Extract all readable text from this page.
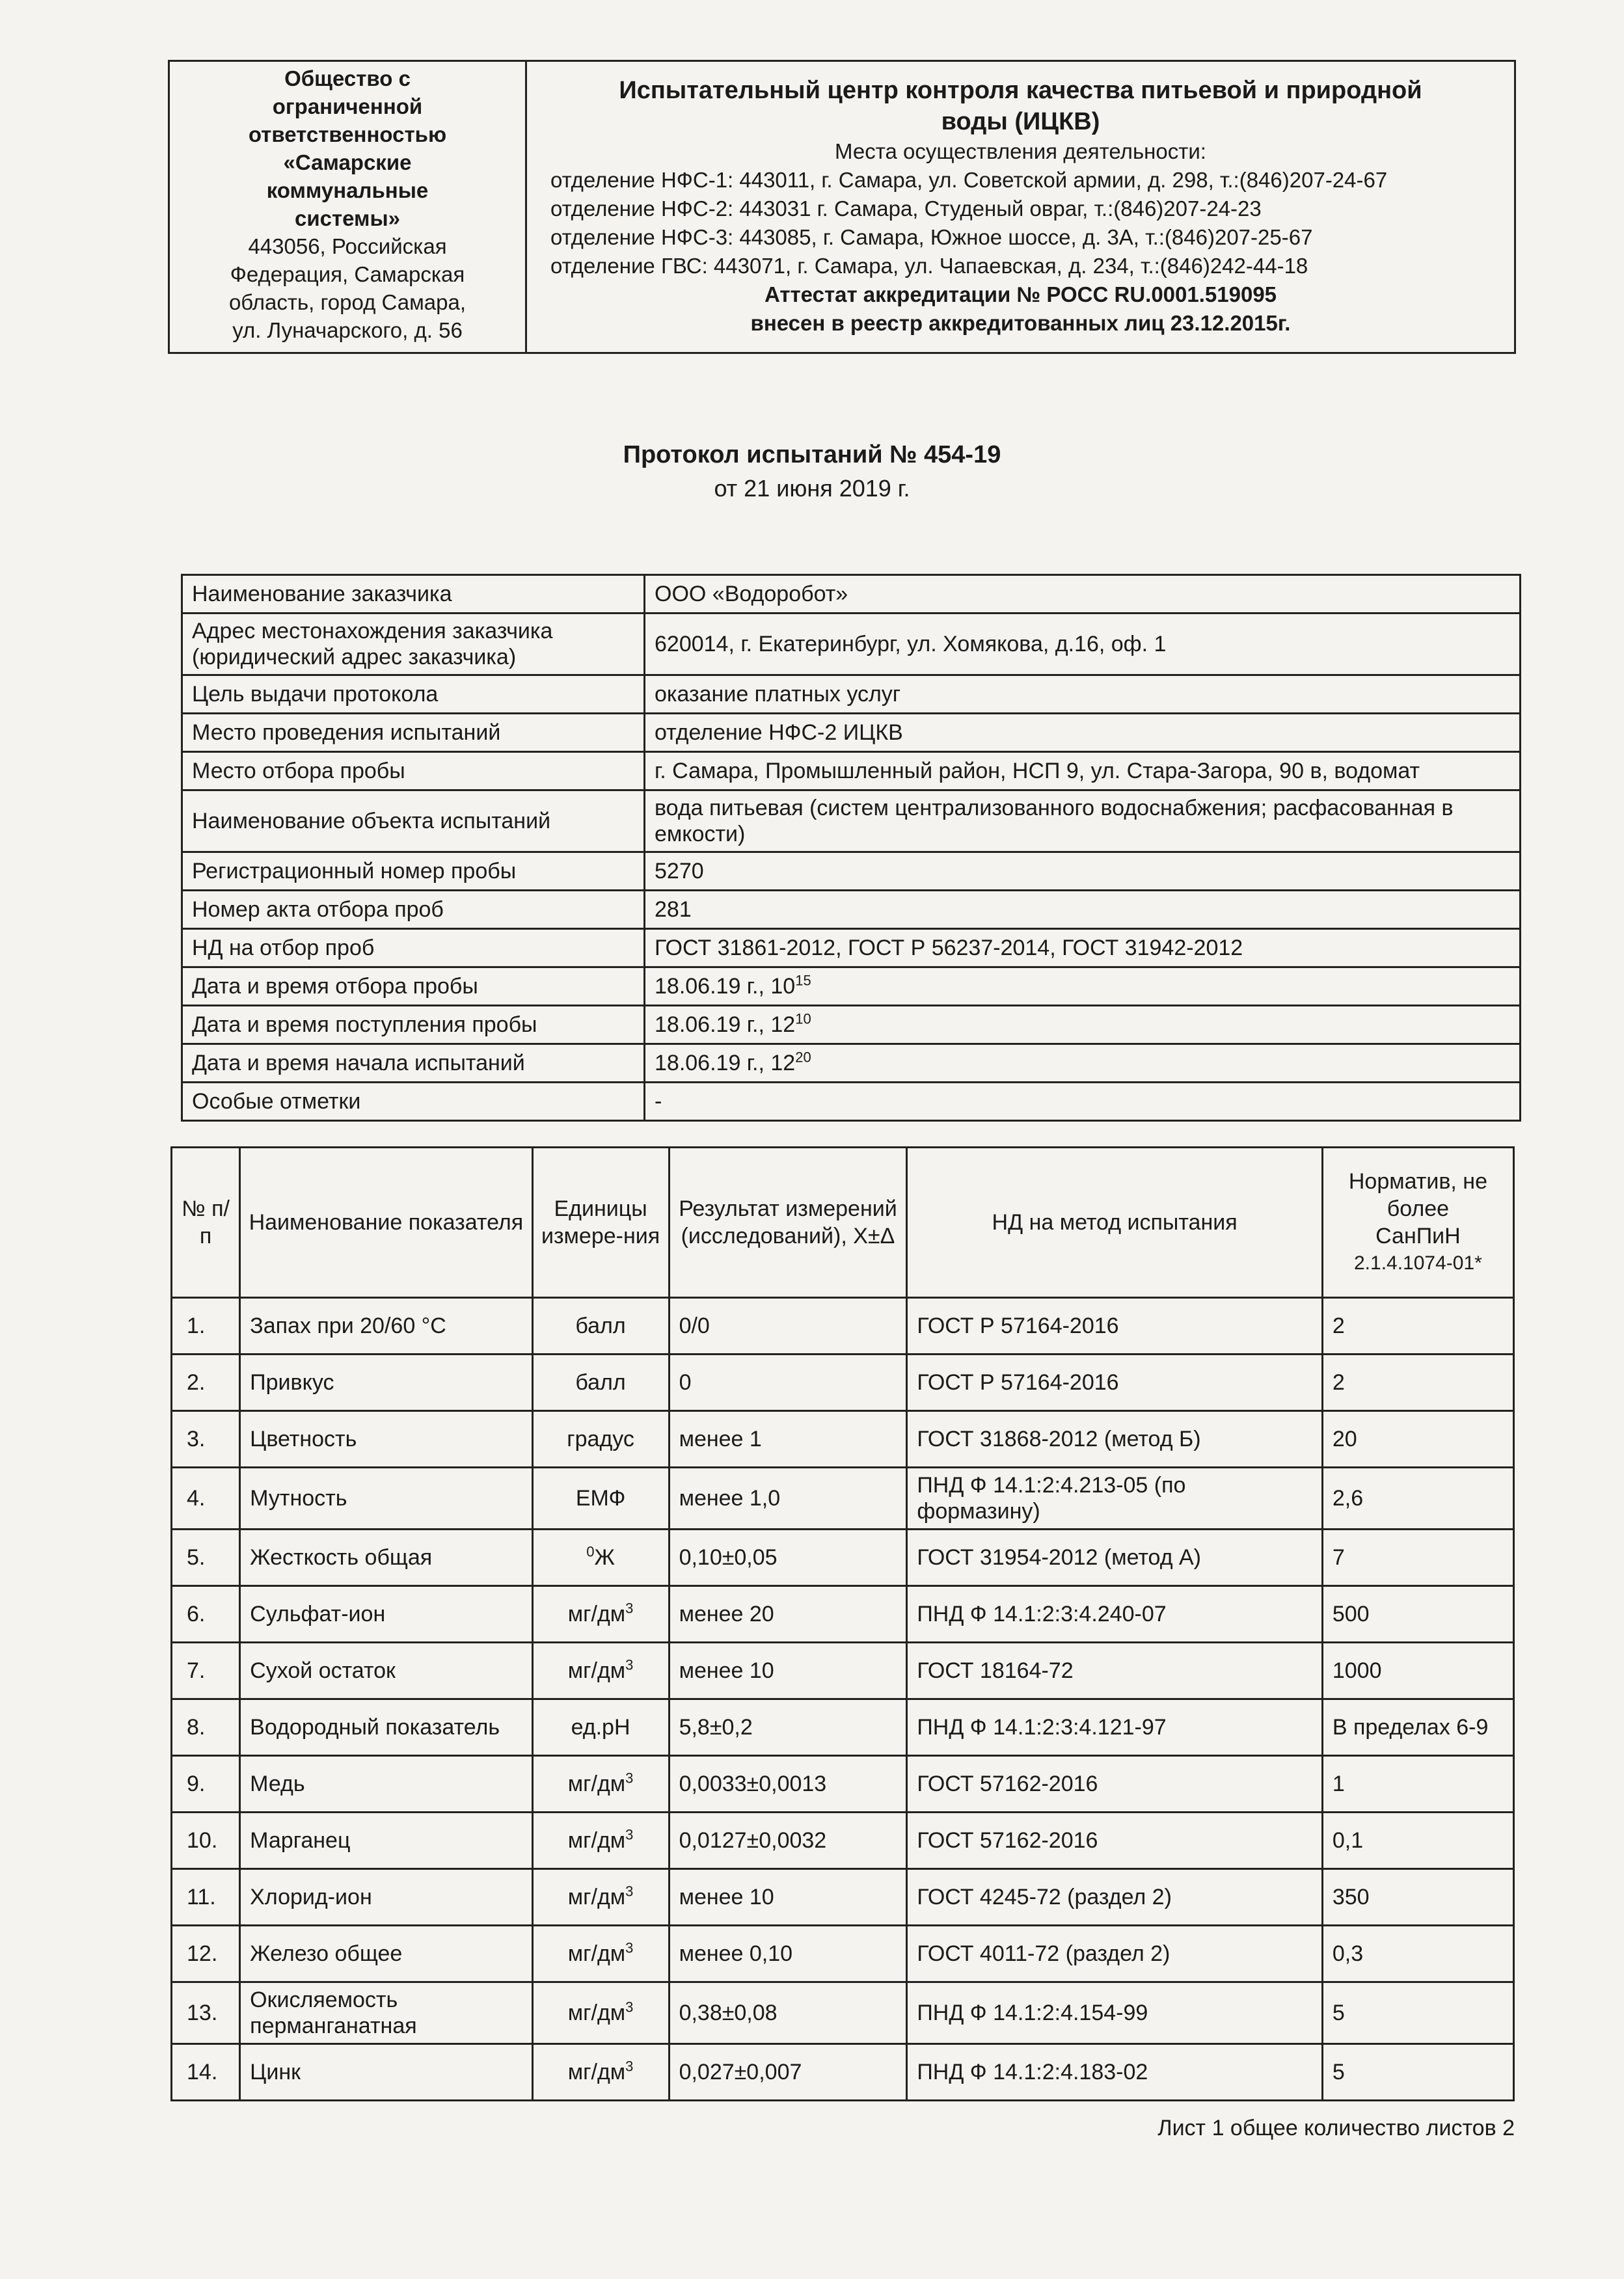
Общество с
ограниченной
ответственностью
«Самарские
коммунальные
системы»
443056, Российская
Федерация, Самарская
область, город Самара,
ул. Луначарского, д. 56

Испытательный центр контроля качества питьевой и природной
воды (ИЦКВ)
Места осуществления деятельности:
отделение НФС-1: 443011, г. Самара, ул. Советской армии, д. 298, т.:(846)207-24-67
отделение НФС-2: 443031 г. Самара, Студеный овраг, т.:(846)207-24-23
отделение НФС-3: 443085, г. Самара, Южное шоссе, д. 3А, т.:(846)207-25-67
отделение ГВС: 443071, г. Самара, ул. Чапаевская, д. 234, т.:(846)242-44-18
Аттестат аккредитации № РОСС RU.0001.519095
внесен в реестр аккредитованных лиц 23.12.2015г.
Протокол испытаний № 454-19
от 21 июня 2019 г.
Наименование заказчика	ООО «Водоробот»
Адрес местонахождения заказчика (юридический адрес заказчика)	620014, г. Екатеринбург, ул. Хомякова, д.16, оф. 1
Цель выдачи протокола	оказание платных услуг
Место проведения испытаний	отделение НФС-2 ИЦКВ
Место отбора пробы	г. Самара, Промышленный район, НСП 9, ул. Стара-Загора, 90 в, водомат
Наименование объекта испытаний	вода питьевая (систем централизованного водоснабжения; расфасованная в емкости)
Регистрационный номер пробы	5270
Номер акта отбора проб	281
НД на отбор проб	ГОСТ 31861-2012, ГОСТ Р 56237-2014, ГОСТ 31942-2012
Дата и время отбора пробы	18.06.19 г., $10^{15}$
Дата и время поступления пробы	18.06.19 г., $12^{10}$
Дата и время начала испытаний	18.06.19 г., $12^{20}$
Особые отметки	-
№ п/п	Наименование показателя	Единицы измере-ния	Результат измерений (исследований), X±Δ	НД на метод испытания	Норматив, не более
СанПиН
2.1.4.1074-01*

1.	Запах при 20/60 °С	балл	0/0	ГОСТ Р 57164-2016	2
2.	Привкус	балл	0	ГОСТ Р 57164-2016	2
3.	Цветность	градус	менее 1	ГОСТ 31868-2012 (метод Б)	20
4.	Мутность	ЕМФ	менее 1,0	ПНД Ф 14.1:2:4.213-05 (по формазину)	2,6
5.	Жесткость общая	$^0$Ж	0,10±0,05	ГОСТ 31954-2012 (метод А)	7
6.	Сульфат-ион	$мг/дм^3$	менее 20	ПНД Ф 14.1:2:3:4.240-07	500
7.	Сухой остаток	$мг/дм^3$	менее 10	ГОСТ 18164-72	1000
8.	Водородный показатель	ед.pH	5,8±0,2	ПНД Ф 14.1:2:3:4.121-97	В пределах 6-9
9.	Медь	$мг/дм^3$	0,0033±0,0013	ГОСТ 57162-2016	1
10.	Марганец	$мг/дм^3$	0,0127±0,0032	ГОСТ 57162-2016	0,1
11.	Хлорид-ион	$мг/дм^3$	менее 10	ГОСТ 4245-72 (раздел 2)	350
12.	Железо общее	$мг/дм^3$	менее 0,10	ГОСТ 4011-72 (раздел 2)	0,3
13.	Окисляемость перманганатная	$мг/дм^3$	0,38±0,08	ПНД Ф 14.1:2:4.154-99	5
14.	Цинк	$мг/дм^3$	0,027±0,007	ПНД Ф 14.1:2:4.183-02	5
Лист 1 общее количество листов 2
